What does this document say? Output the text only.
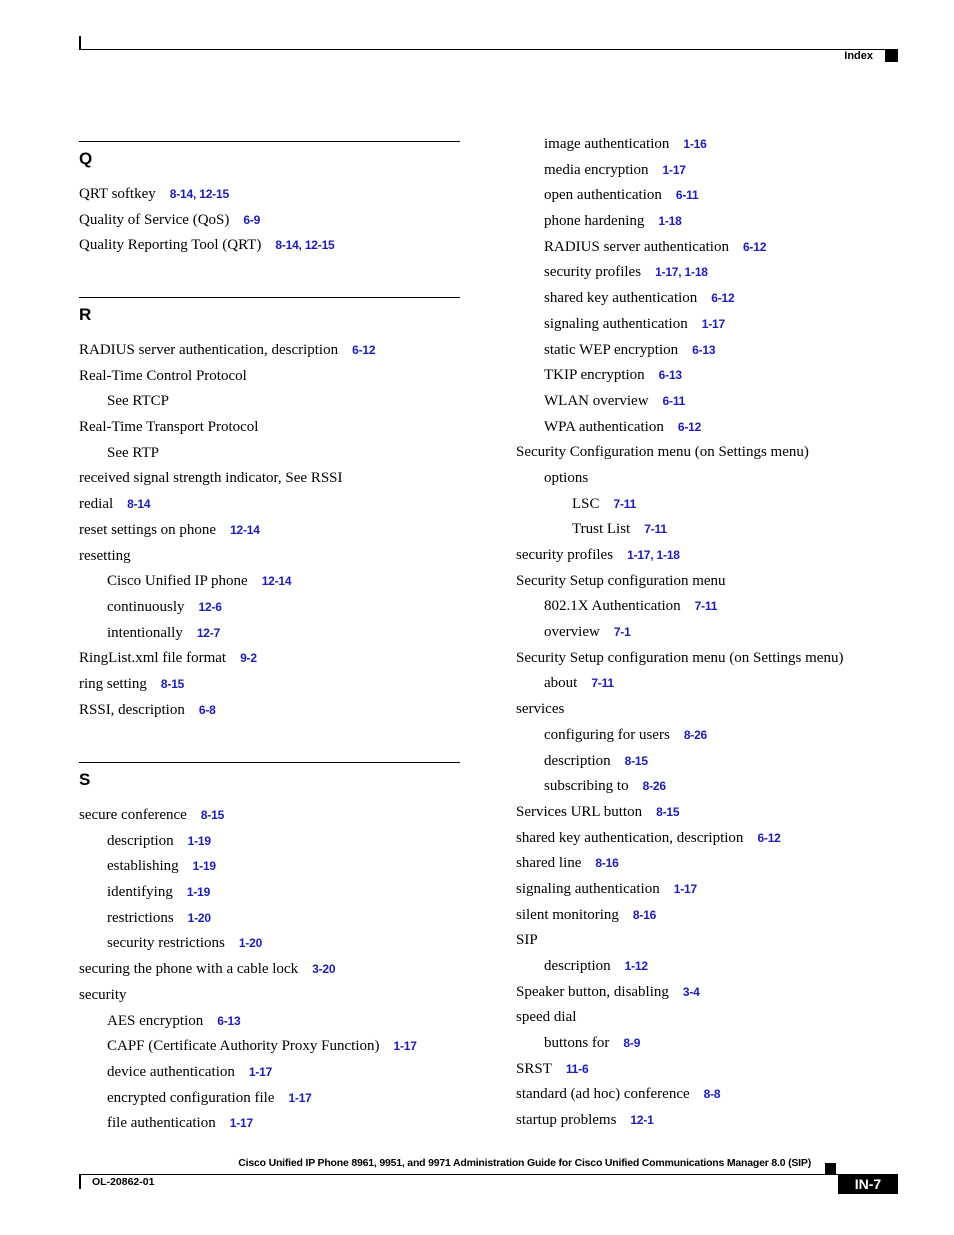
Index
Q
QRT softkey 8-14, 12-15
Quality of Service (QoS) 6-9
Quality Reporting Tool (QRT) 8-14, 12-15
R
RADIUS server authentication, description 6-12
Real-Time Control Protocol
See RTCP
Real-Time Transport Protocol
See RTP
received signal strength indicator, See RSSI
redial 8-14
reset settings on phone 12-14
resetting
Cisco Unified IP phone 12-14
continuously 12-6
intentionally 12-7
RingList.xml file format 9-2
ring setting 8-15
RSSI, description 6-8
S
secure conference 8-15
description 1-19
establishing 1-19
identifying 1-19
restrictions 1-20
security restrictions 1-20
securing the phone with a cable lock 3-20
security
AES encryption 6-13
CAPF (Certificate Authority Proxy Function) 1-17
device authentication 1-17
encrypted configuration file 1-17
file authentication 1-17
image authentication 1-16
media encryption 1-17
open authentication 6-11
phone hardening 1-18
RADIUS server authentication 6-12
security profiles 1-17, 1-18
shared key authentication 6-12
signaling authentication 1-17
static WEP encryption 6-13
TKIP encryption 6-13
WLAN overview 6-11
WPA authentication 6-12
Security Configuration menu (on Settings menu)
options
LSC 7-11
Trust List 7-11
security profiles 1-17, 1-18
Security Setup configuration menu
802.1X Authentication 7-11
overview 7-1
Security Setup configuration menu (on Settings menu)
about 7-11
services
configuring for users 8-26
description 8-15
subscribing to 8-26
Services URL button 8-15
shared key authentication, description 6-12
shared line 8-16
signaling authentication 1-17
silent monitoring 8-16
SIP
description 1-12
Speaker button, disabling 3-4
speed dial
buttons for 8-9
SRST 11-6
standard (ad hoc) conference 8-8
startup problems 12-1
Cisco Unified IP Phone 8961, 9951, and 9971 Administration Guide for Cisco Unified Communications Manager 8.0 (SIP)
OL-20862-01	IN-7
